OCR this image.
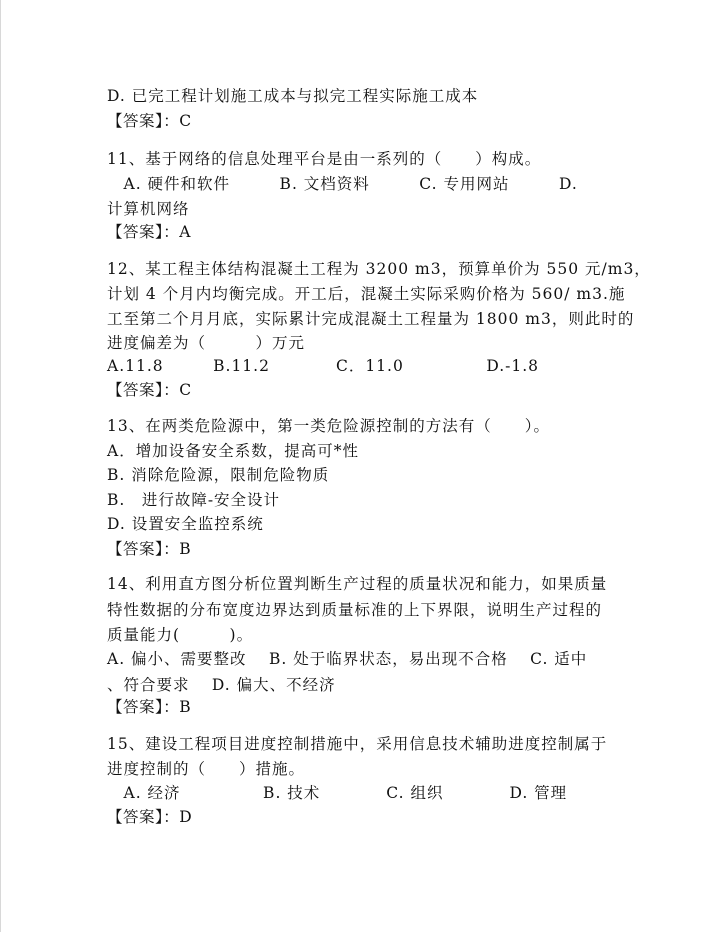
D. 已完工程计划施工成本与拟完工程实际施工成本
【答案】：C
11、基于网络的信息处理平台是由一系列的（　　）构成。
　A. 硬件和软件　　　B. 文档资料　　　C. 专用网站　　　D.
计算机网络
【答案】：A
12、某工程主体结构混凝土工程为 3200 m3，预算单价为 550 元/m3，
计划 4 个月内均衡完成。开工后，混凝土实际采购价格为 560/ m3.施
工至第二个月月底，实际累计完成混凝土工程量为 1800 m3，则此时的
进度偏差为（　　　）万元
A.11.8　　　B.11.2　　　　C．11.0　　　　　D.-1.8
【答案】：C
13、在两类危险源中，第一类危险源控制的方法有（　　）。
A．增加设备安全系数，提高可*性
B. 消除危险源，限制危险物质
B.　进行故障-安全设计
D. 设置安全监控系统
【答案】：B
14、利用直方图分析位置判断生产过程的质量状况和能力，如果质量
特性数据的分布宽度边界达到质量标准的上下界限，说明生产过程的
质量能力(　　　)。
A. 偏小、需要整改　 B. 处于临界状态，易出现不合格　 C. 适中
、符合要求　 D. 偏大、不经济
【答案】：B
15、建设工程项目进度控制措施中，采用信息技术辅助进度控制属于
进度控制的（　　）措施。
　A. 经济　　　　　B. 技术　　　　C. 组织　　　　D. 管理
【答案】：D
